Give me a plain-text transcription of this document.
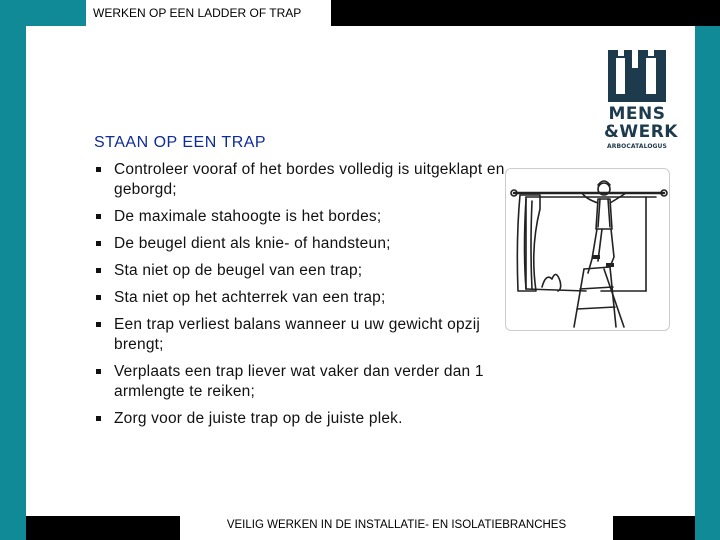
WERKEN OP EEN LADDER OF TRAP
MENS
&WERK
ARBOCATALOGUS
STAAN OP EEN TRAP
Controleer vooraf of het bordes volledig is uitgeklapt en geborgd;
De maximale stahoogte is het bordes;
De beugel dient als knie- of handsteun;
Sta niet op de beugel van een trap;
Sta niet op het achterrek van een trap;
Een trap verliest balans wanneer u uw gewicht opzij brengt;
Verplaats een trap liever wat vaker dan verder dan 1 armlengte te reiken;
Zorg voor de juiste trap op de juiste plek.
VEILIG WERKEN IN DE INSTALLATIE- EN ISOLATIEBRANCHES
